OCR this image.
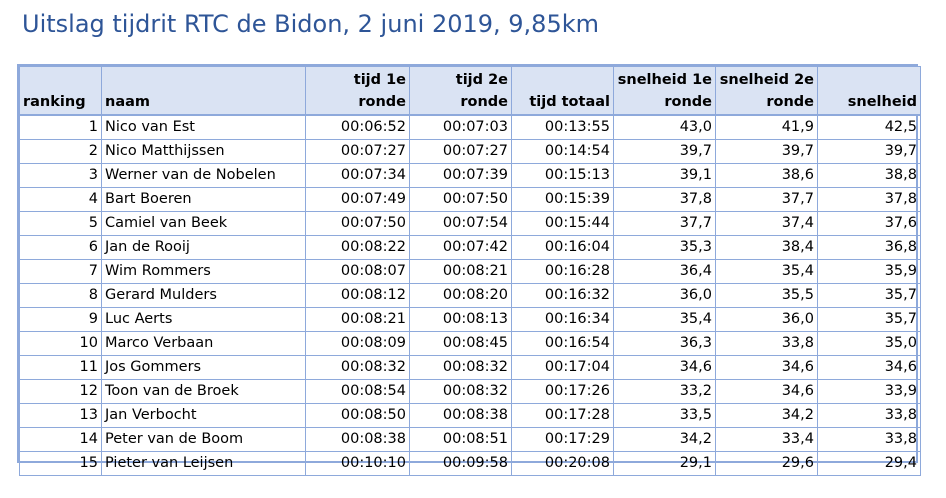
Uitslag tijdrit RTC de Bidon, 2 juni 2019, 9,85km
ranking	naam	tijd 1e ronde	tijd 2e ronde	tijd totaal	snelheid 1e ronde	snelheid 2e ronde	snelheid
1	Nico van Est	00:06:52	00:07:03	00:13:55	43,0	41,9	42,5
2	Nico Matthijssen	00:07:27	00:07:27	00:14:54	39,7	39,7	39,7
3	Werner van de Nobelen	00:07:34	00:07:39	00:15:13	39,1	38,6	38,8
4	Bart Boeren	00:07:49	00:07:50	00:15:39	37,8	37,7	37,8
5	Camiel van Beek	00:07:50	00:07:54	00:15:44	37,7	37,4	37,6
6	Jan de Rooij	00:08:22	00:07:42	00:16:04	35,3	38,4	36,8
7	Wim Rommers	00:08:07	00:08:21	00:16:28	36,4	35,4	35,9
8	Gerard Mulders	00:08:12	00:08:20	00:16:32	36,0	35,5	35,7
9	Luc Aerts	00:08:21	00:08:13	00:16:34	35,4	36,0	35,7
10	Marco Verbaan	00:08:09	00:08:45	00:16:54	36,3	33,8	35,0
11	Jos Gommers	00:08:32	00:08:32	00:17:04	34,6	34,6	34,6
12	Toon van de Broek	00:08:54	00:08:32	00:17:26	33,2	34,6	33,9
13	Jan Verbocht	00:08:50	00:08:38	00:17:28	33,5	34,2	33,8
14	Peter van de Boom	00:08:38	00:08:51	00:17:29	34,2	33,4	33,8
15	Pieter van Leijsen	00:10:10	00:09:58	00:20:08	29,1	29,6	29,4
